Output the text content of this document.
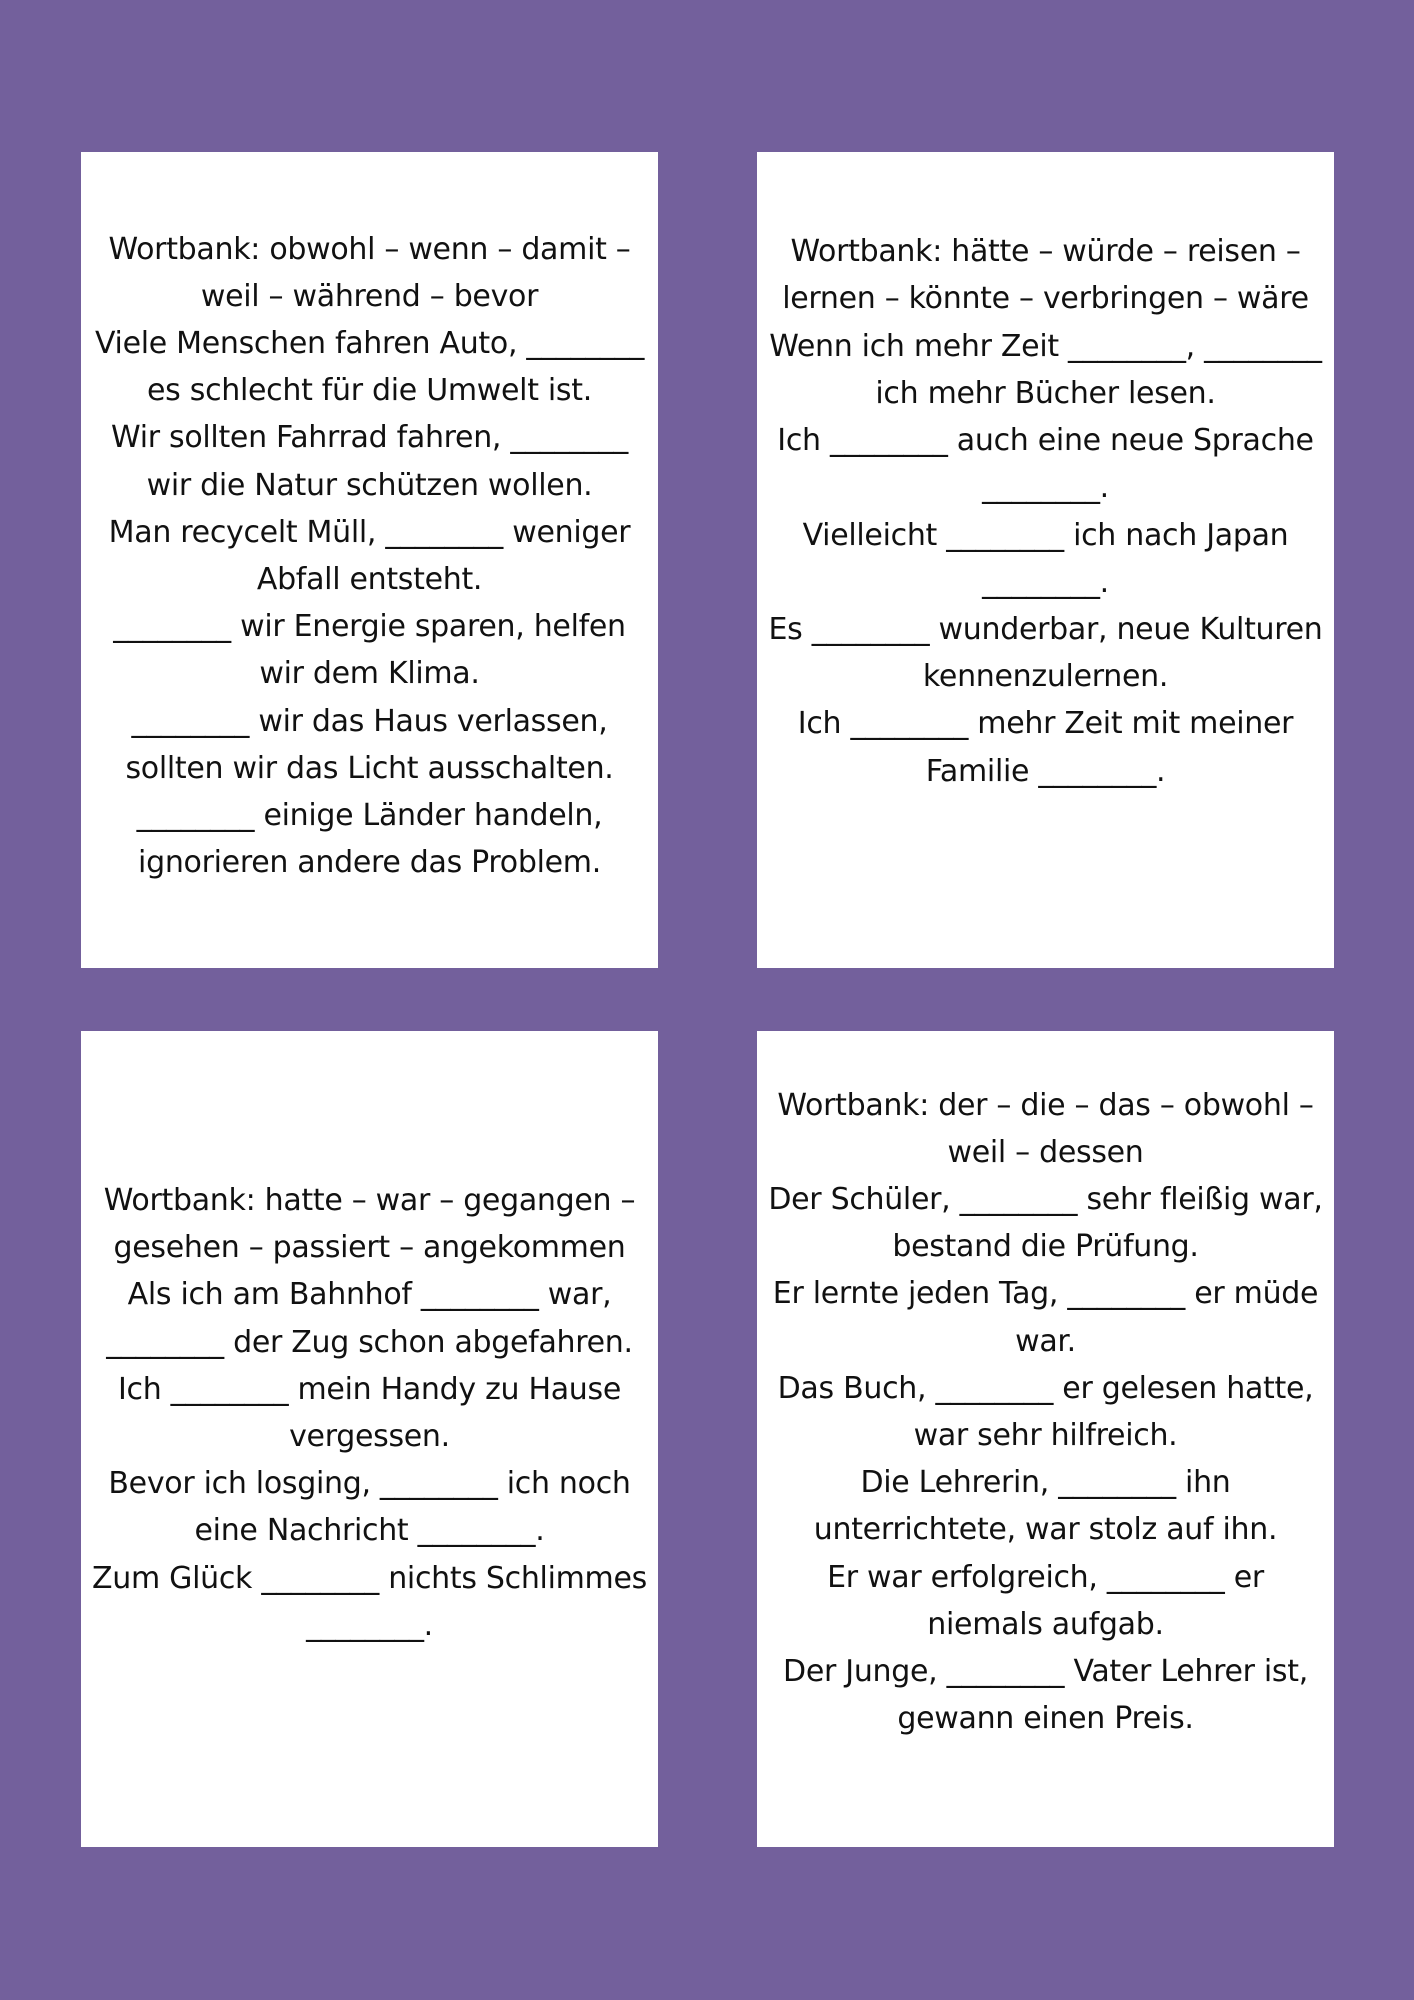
Wortbank: obwohl – wenn – damit – weil – während – bevor

Viele Menschen fahren Auto, ________ es schlecht für die Umwelt ist.

Wir sollten Fahrrad fahren, ________ wir die Natur schützen wollen.

Man recycelt Müll, ________ weniger Abfall entsteht.

________ wir Energie sparen, helfen wir dem Klima.

________ wir das Haus verlassen, sollten wir das Licht ausschalten.

________ einige Länder handeln, ignorieren andere das Problem.

Wortbank: hätte – würde – reisen – lernen – könnte – verbringen – wäre

Wenn ich mehr Zeit ________, ________ ich mehr Bücher lesen.

Ich ________ auch eine neue Sprache ________.

Vielleicht ________ ich nach Japan ________.

Es ________ wunderbar, neue Kulturen kennenzulernen.

Ich ________ mehr Zeit mit meiner Familie ________.

Wortbank: hatte – war – gegangen – gesehen – passiert – angekommen

Als ich am Bahnhof ________ war, ________ der Zug schon abgefahren.

Ich ________ mein Handy zu Hause vergessen.

Bevor ich losging, ________ ich noch eine Nachricht ________.

Zum Glück ________ nichts Schlimmes ________.

Wortbank: der – die – das – obwohl – weil – dessen

Der Schüler, ________ sehr fleißig war, bestand die Prüfung.

Er lernte jeden Tag, ________ er müde war.

Das Buch, ________ er gelesen hatte, war sehr hilfreich.

Die Lehrerin, ________ ihn unterrichtete, war stolz auf ihn.

Er war erfolgreich, ________ er niemals aufgab.

Der Junge, ________ Vater Lehrer ist, gewann einen Preis.
